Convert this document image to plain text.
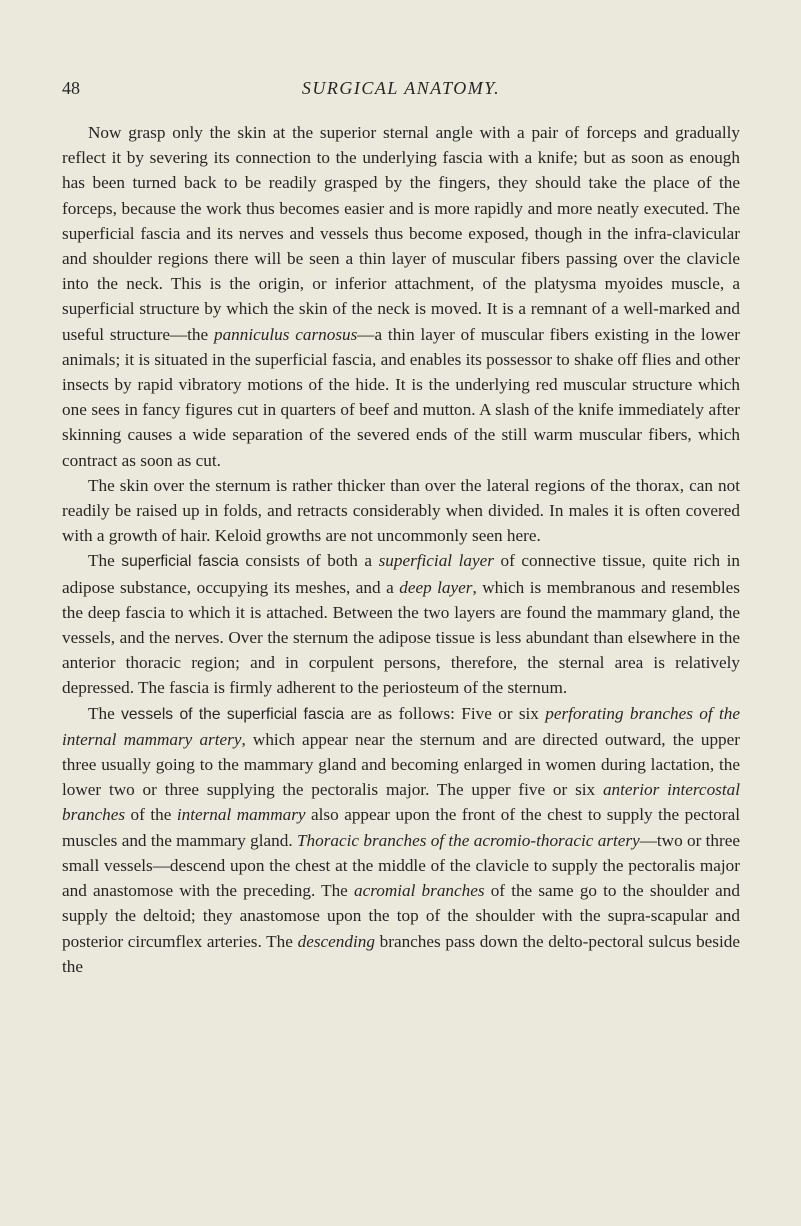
48	SURGICAL ANATOMY.

Now grasp only the skin at the superior sternal angle with a pair of forceps and gradually reflect it by severing its connection to the underlying fascia with a knife; but as soon as enough has been turned back to be readily grasped by the fingers, they should take the place of the forceps, because the work thus becomes easier and is more rapidly and more neatly executed. The superficial fascia and its nerves and vessels thus become exposed, though in the infra-clavicular and shoulder regions there will be seen a thin layer of muscular fibers passing over the clavicle into the neck. This is the origin, or inferior attachment, of the platysma myoides muscle, a superficial structure by which the skin of the neck is moved. It is a remnant of a well-marked and useful structure—the panniculus carnosus—a thin layer of muscular fibers existing in the lower animals; it is situated in the superficial fascia, and enables its possessor to shake off flies and other insects by rapid vibratory motions of the hide. It is the underlying red muscular structure which one sees in fancy figures cut in quarters of beef and mutton. A slash of the knife immediately after skinning causes a wide separation of the severed ends of the still warm muscular fibers, which contract as soon as cut.

The skin over the sternum is rather thicker than over the lateral regions of the thorax, can not readily be raised up in folds, and retracts considerably when divided. In males it is often covered with a growth of hair. Keloid growths are not uncommonly seen here.

The superficial fascia consists of both a superficial layer of connective tissue, quite rich in adipose substance, occupying its meshes, and a deep layer, which is membranous and resembles the deep fascia to which it is attached. Between the two layers are found the mammary gland, the vessels, and the nerves. Over the sternum the adipose tissue is less abundant than elsewhere in the anterior thoracic region; and in corpulent persons, therefore, the sternal area is relatively depressed. The fascia is firmly adherent to the periosteum of the sternum.

The vessels of the superficial fascia are as follows: Five or six perforating branches of the internal mammary artery, which appear near the sternum and are directed outward, the upper three usually going to the mammary gland and becoming enlarged in women during lactation, the lower two or three supplying the pectoralis major. The upper five or six anterior intercostal branches of the internal mammary also appear upon the front of the chest to supply the pectoral muscles and the mammary gland. Thoracic branches of the acromio-thoracic artery—two or three small vessels—descend upon the chest at the middle of the clavicle to supply the pectoralis major and anastomose with the preceding. The acromial branches of the same go to the shoulder and supply the deltoid; they anastomose upon the top of the shoulder with the supra-scapular and posterior circumflex arteries. The descending branches pass down the delto-pectoral sulcus beside the
